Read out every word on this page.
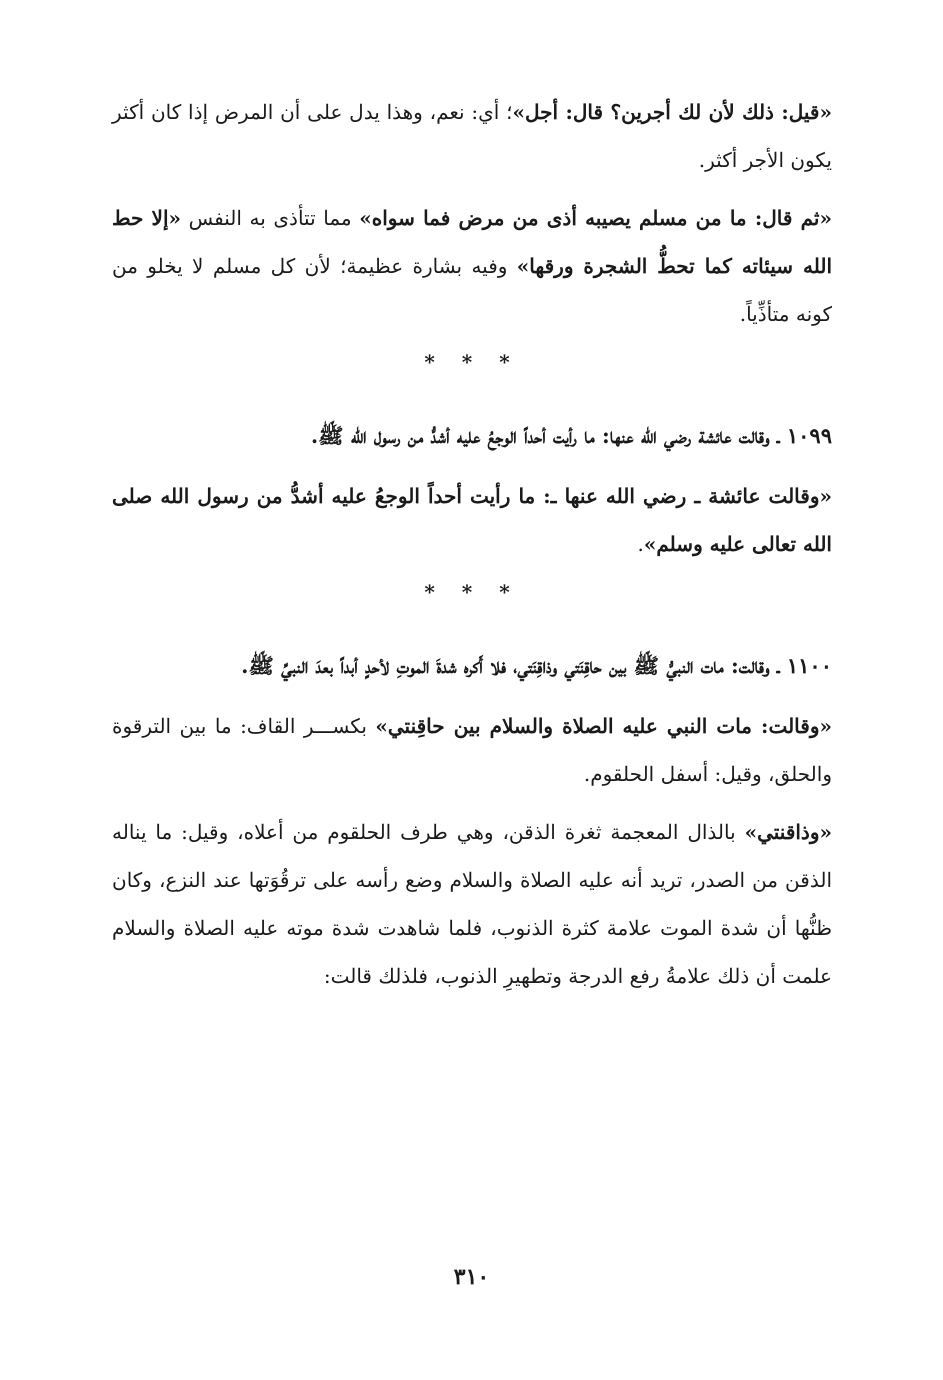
«قيل: ذلك لأن لك أجرين؟ قال: أجل»؛ أي: نعم، وهذا يدل على أن المرض إذا كان أكثر يكون الأجر أكثر.

«ثم قال: ما من مسلم يصيبه أذى من مرض فما سواه» مما تتأذى به النفس «إلا حط الله سيئاته كما تحطُّ الشجرة ورقها» وفيه بشارة عظيمة؛ لأن كل مسلم لا يخلو من كونه متأذِّياً.

* * *

١٠٩٩ ـ وقالت عائشة رضي الله عنها: ما رأيت أحداً الوجعُ عليه أشدُّ من رسول الله ﷺ.

«وقالت عائشة ـ رضي الله عنها ـ: ما رأيت أحداً الوجعُ عليه أشدُّ من رسول الله صلى الله تعالى عليه وسلم».

* * *

١١٠٠ ـ وقالت: مات النبيُّ ﷺ بين حاقِنَتي وذاقِنَتي، فلا أَكره شدةَ الموتِ لأحدٍ أبداً بعدَ النبيِّ ﷺ.

«وقالت: مات النبي عليه الصلاة والسلام بين حاقِنتي» بكســـر القاف: ما بين الترقوة والحلق، وقيل: أسفل الحلقوم.

«وذاقنتي» بالذال المعجمة ثغرة الذقن، وهي طرف الحلقوم من أعلاه، وقيل: ما يناله الذقن من الصدر، تريد أنه عليه الصلاة والسلام وضع رأسه على ترقُوَتها عند النزع، وكان ظنُّها أن شدة الموت علامة كثرة الذنوب، فلما شاهدت شدة موته عليه الصلاة والسلام علمت أن ذلك علامةُ رفع الدرجة وتطهيرِ الذنوب، فلذلك قالت:

٣١٠
